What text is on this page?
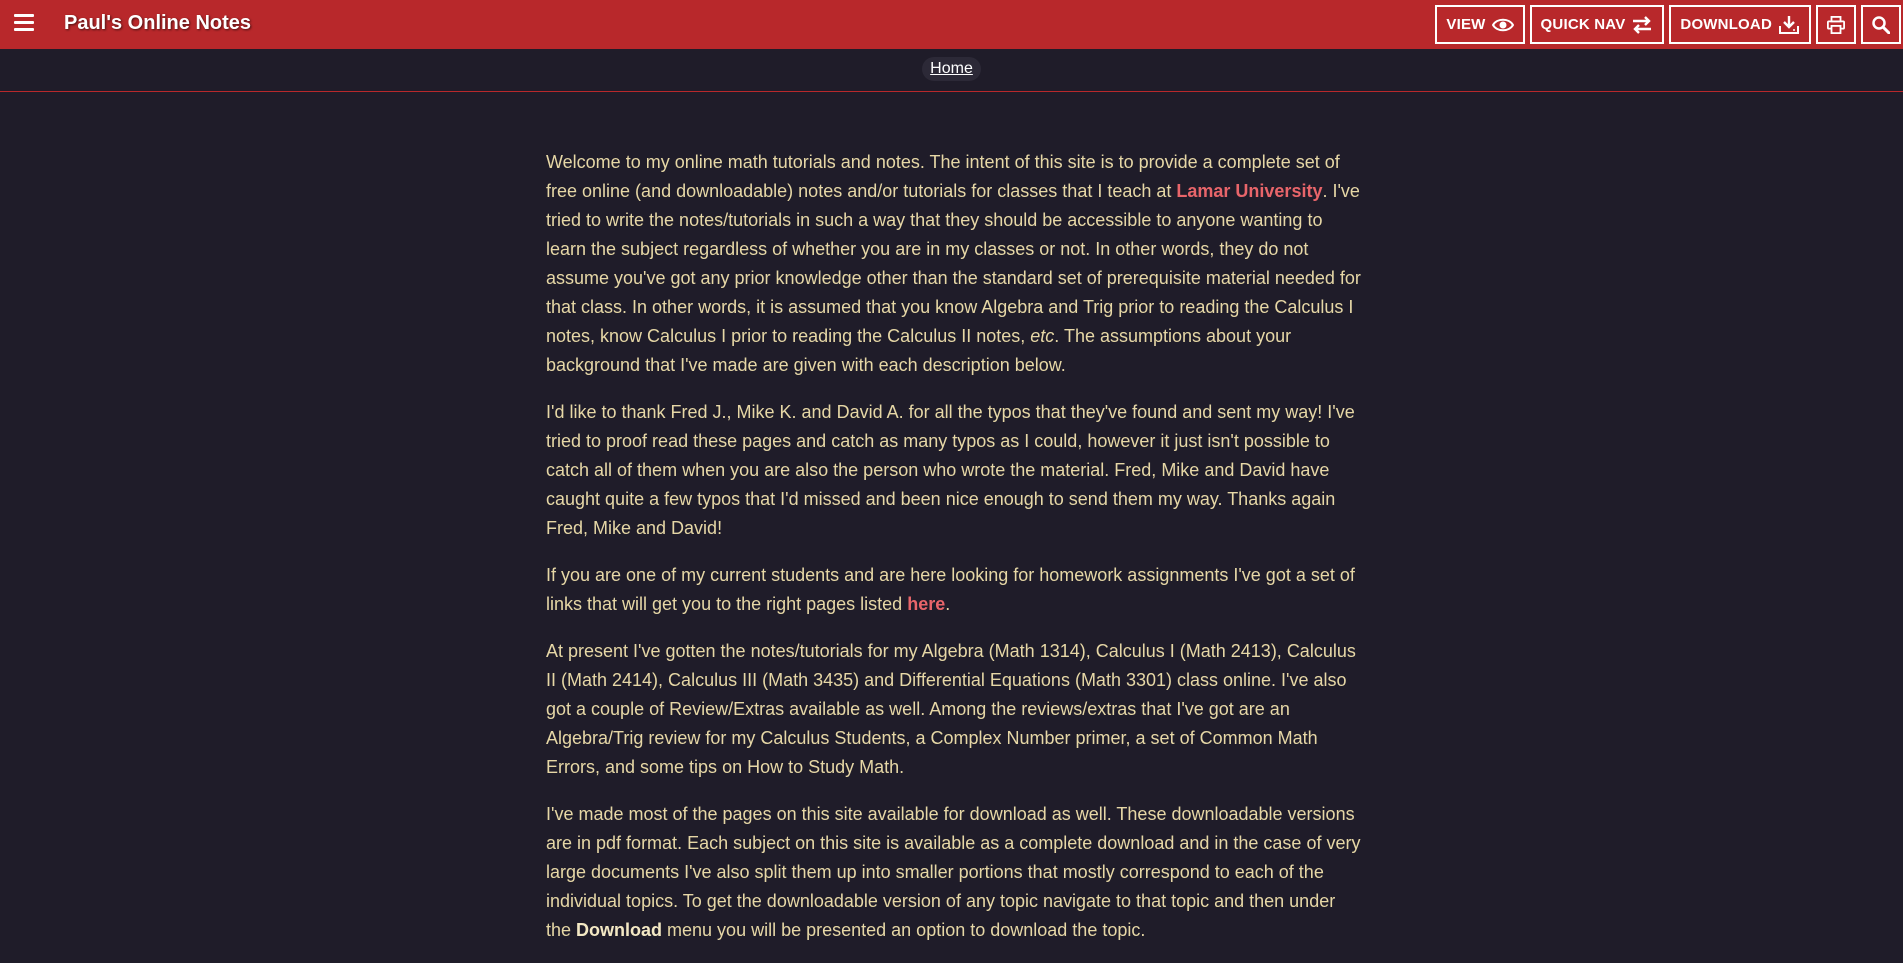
Paul's Online Notes	VIEW	QUICK NAV	DOWNLOAD
Home

Welcome to my online math tutorials and notes. The intent of this site is to provide a complete set of free online (and downloadable) notes and/or tutorials for classes that I teach at Lamar University. I've tried to write the notes/tutorials in such a way that they should be accessible to anyone wanting to learn the subject regardless of whether you are in my classes or not. In other words, they do not assume you've got any prior knowledge other than the standard set of prerequisite material needed for that class. In other words, it is assumed that you know Algebra and Trig prior to reading the Calculus I notes, know Calculus I prior to reading the Calculus II notes, etc. The assumptions about your background that I've made are given with each description below.

I'd like to thank Fred J., Mike K. and David A. for all the typos that they've found and sent my way! I've tried to proof read these pages and catch as many typos as I could, however it just isn't possible to catch all of them when you are also the person who wrote the material. Fred, Mike and David have caught quite a few typos that I'd missed and been nice enough to send them my way. Thanks again Fred, Mike and David!

If you are one of my current students and are here looking for homework assignments I've got a set of links that will get you to the right pages listed here.

At present I've gotten the notes/tutorials for my Algebra (Math 1314), Calculus I (Math 2413), Calculus II (Math 2414), Calculus III (Math 3435) and Differential Equations (Math 3301) class online. I've also got a couple of Review/Extras available as well. Among the reviews/extras that I've got are an Algebra/Trig review for my Calculus Students, a Complex Number primer, a set of Common Math Errors, and some tips on How to Study Math.

I've made most of the pages on this site available for download as well. These downloadable versions are in pdf format. Each subject on this site is available as a complete download and in the case of very large documents I've also split them up into smaller portions that mostly correspond to each of the individual topics. To get the downloadable version of any topic navigate to that topic and then under the Download menu you will be presented an option to download the topic.
